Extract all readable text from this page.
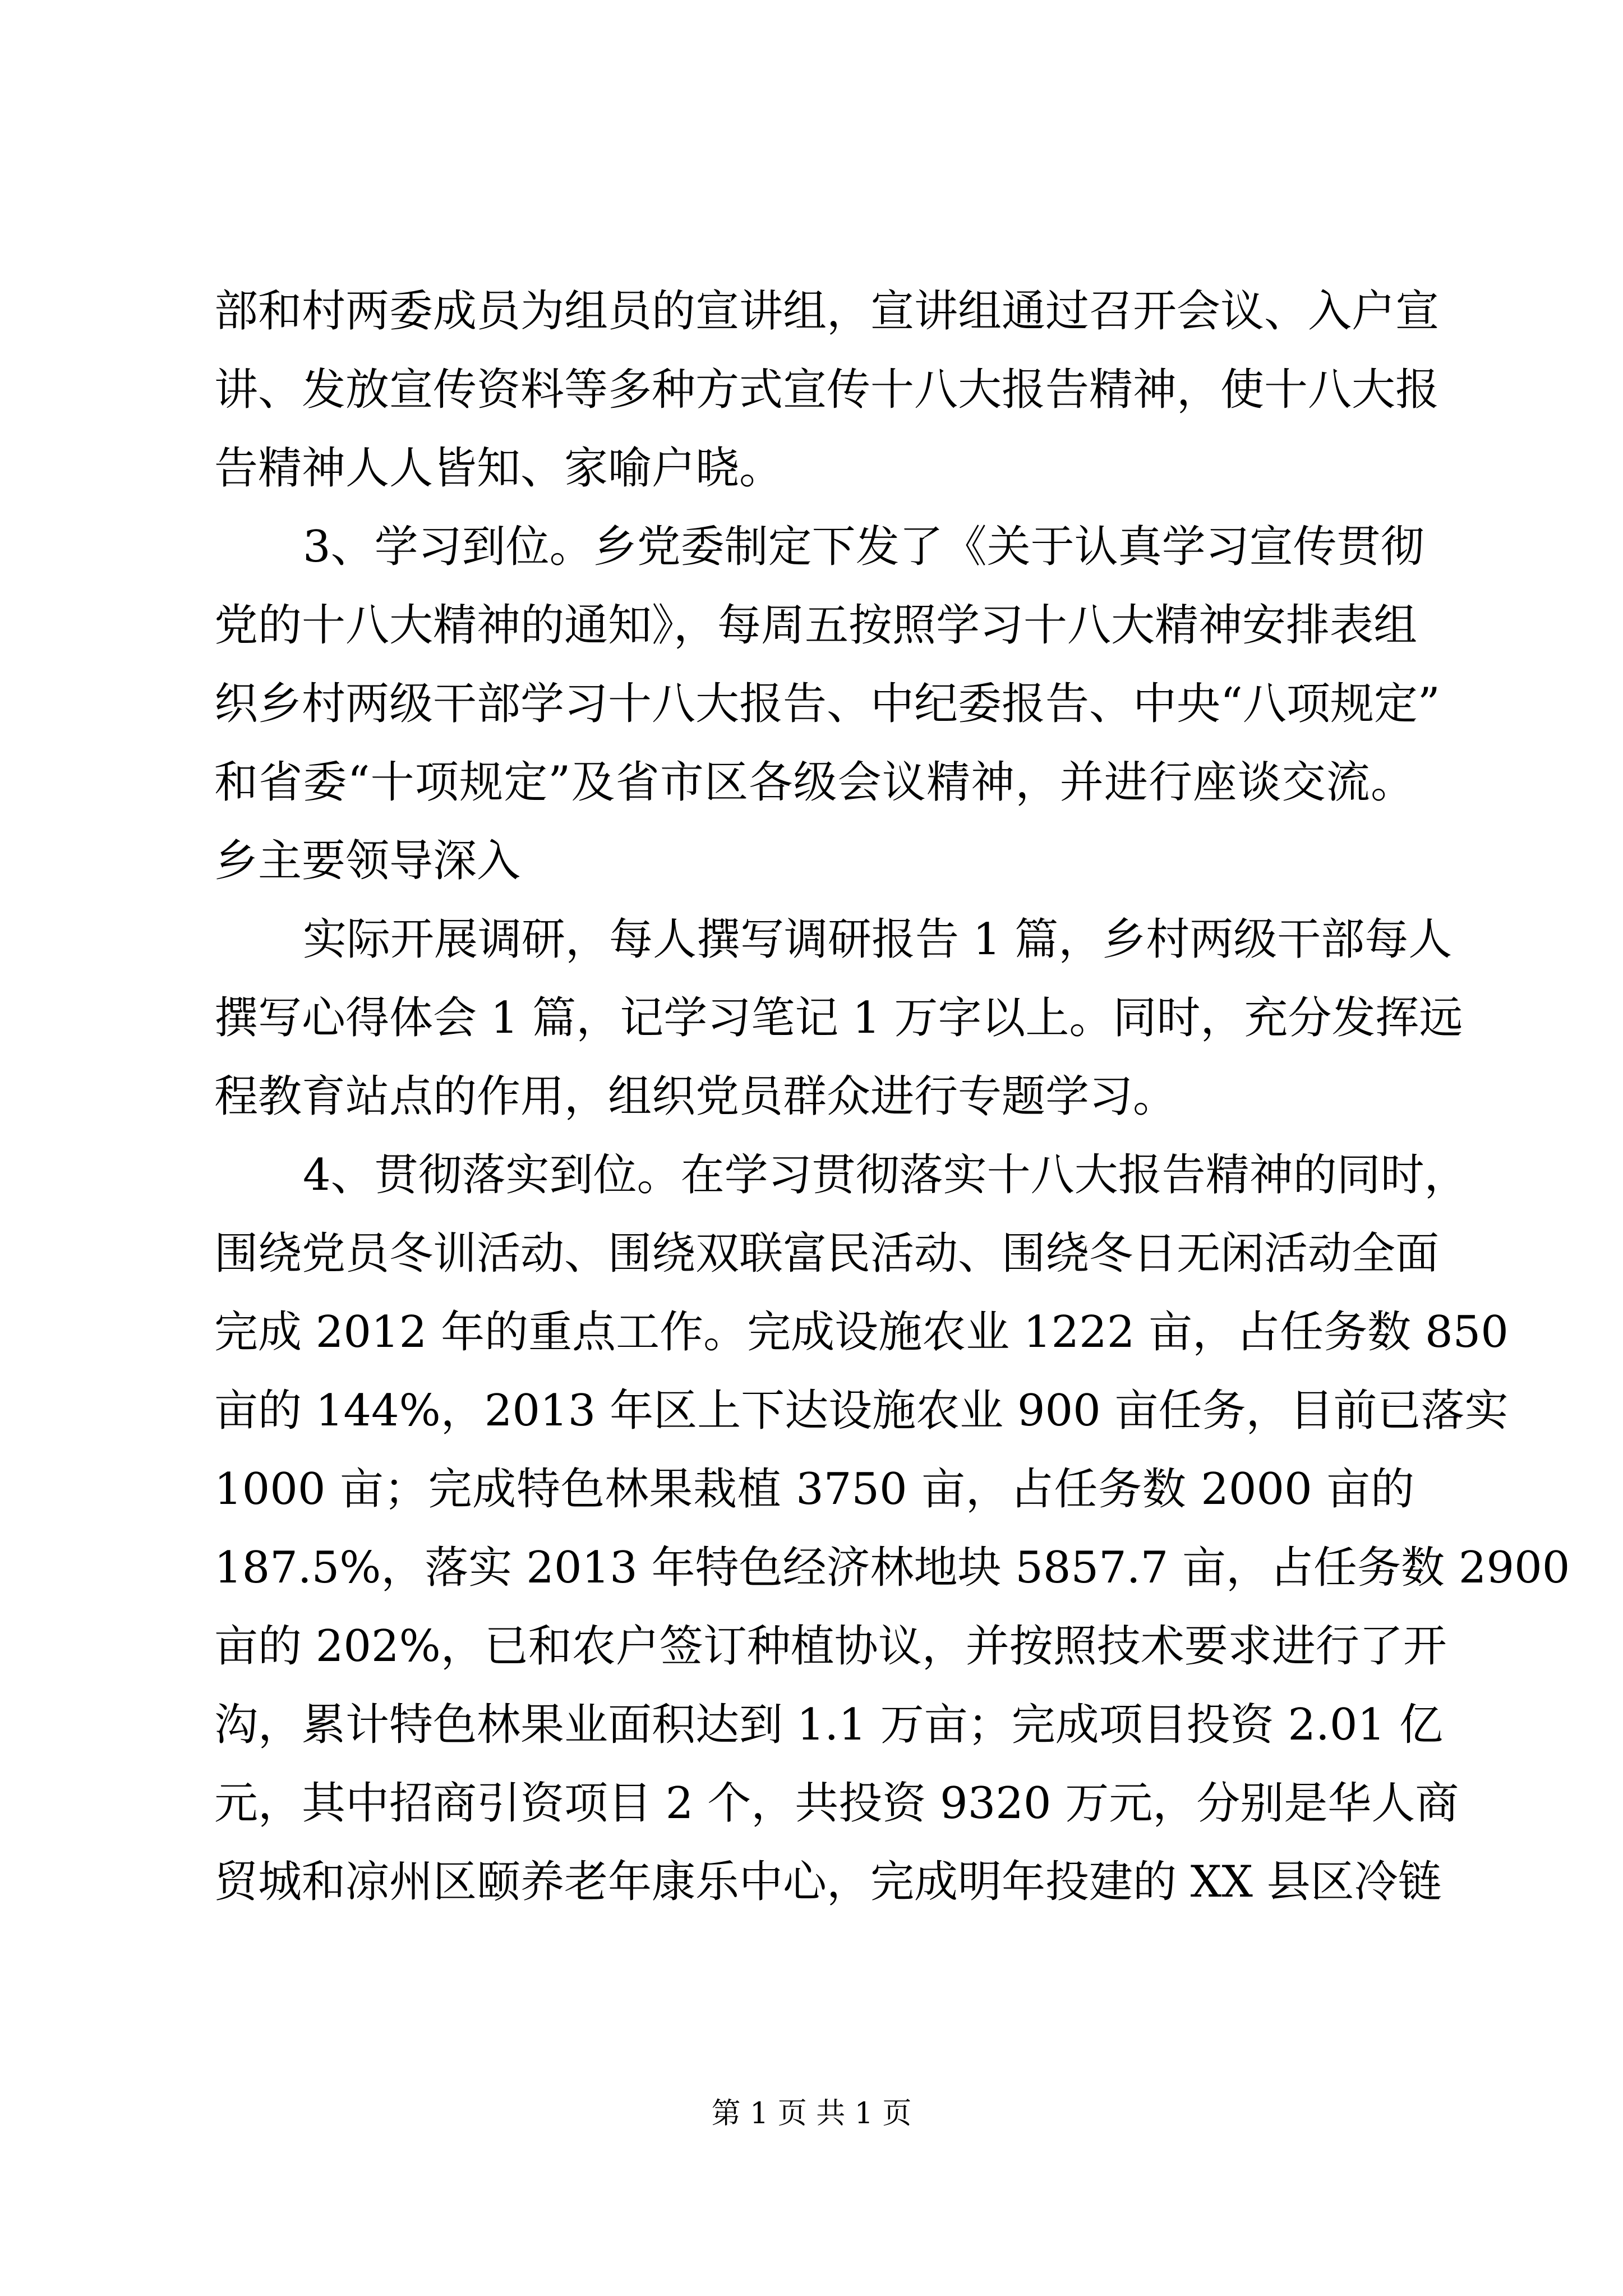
部和村两委成员为组员的宣讲组，宣讲组通过召开会议、入户宣
讲、发放宣传资料等多种方式宣传十八大报告精神，使十八大报
告精神人人皆知、家喻户晓。
3、学习到位。乡党委制定下发了《关于认真学习宣传贯彻
党的十八大精神的通知》，每周五按照学习十八大精神安排表组
织乡村两级干部学习十八大报告、中纪委报告、中央“八项规定”
和省委“十项规定”及省市区各级会议精神，并进行座谈交流。
乡主要领导深入
实际开展调研，每人撰写调研报告 1 篇，乡村两级干部每人
撰写心得体会 1 篇，记学习笔记 1 万字以上。同时，充分发挥远
程教育站点的作用，组织党员群众进行专题学习。
4、贯彻落实到位。在学习贯彻落实十八大报告精神的同时，
围绕党员冬训活动、围绕双联富民活动、围绕冬日无闲活动全面
完成 2012 年的重点工作。完成设施农业 1222 亩，占任务数 850
亩的 144%，2013 年区上下达设施农业 900 亩任务，目前已落实
1000 亩；完成特色林果栽植 3750 亩，占任务数 2000 亩的
187.5%，落实 2013 年特色经济林地块 5857.7 亩，占任务数 2900
亩的 202%，已和农户签订种植协议，并按照技术要求进行了开
沟，累计特色林果业面积达到 1.1 万亩；完成项目投资 2.01 亿
元，其中招商引资项目 2 个，共投资 9320 万元，分别是华人商
贸城和凉州区颐养老年康乐中心，完成明年投建的 XX 县区冷链
第 1 页 共 1 页
